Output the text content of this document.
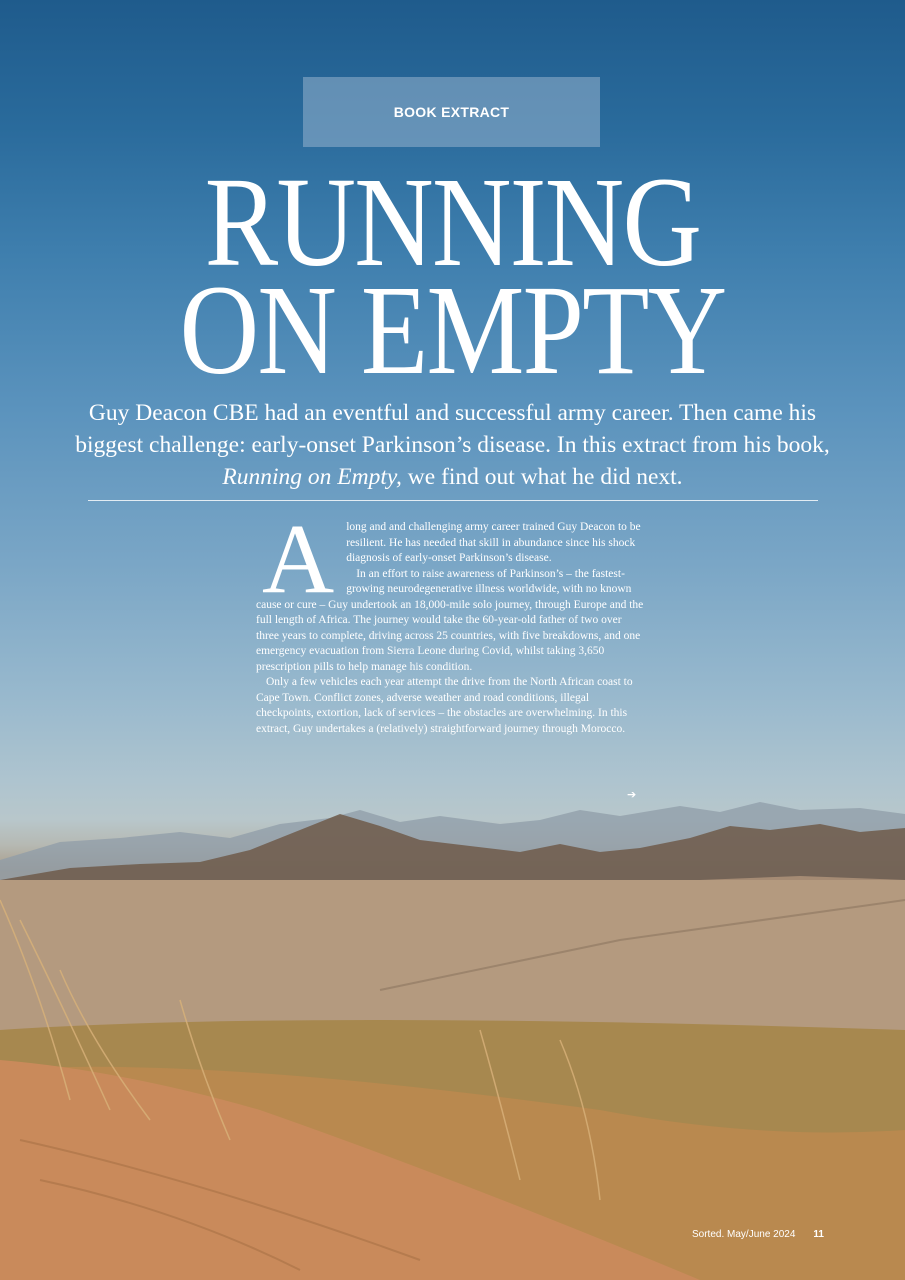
BOOK EXTRACT
RUNNING
ON EMPTY

Guy Deacon CBE had an eventful and successful army career. Then came his biggest challenge: early-onset Parkinson’s disease. In this extract from his book, Running on Empty, we find out what he did next.

A	long and and challenging army career trained Guy Deacon to be resilient. He has needed that skill in abundance since his shock diagnosis of early-onset Parkinson’s disease.

In an effort to raise awareness of Parkinson’s – the fastest-growing neurodegenerative illness worldwide, with no known cause or cure – Guy undertook an 18,000-mile solo journey, through Europe and the full length of Africa. The journey would take the 60-year-old father of two over three years to complete, driving across 25 countries, with five breakdowns, and one emergency evacuation from Sierra Leone during Covid, whilst taking 3,650 prescription pills to help manage his condition.

Only a few vehicles each year attempt the drive from the North African coast to Cape Town. Conflict zones, adverse weather and road conditions, illegal checkpoints, extortion, lack of services – the obstacles are overwhelming. In this extract, Guy undertakes a (relatively) straightforward journey through Morocco.

➔
Sorted. May/June 2024 11
